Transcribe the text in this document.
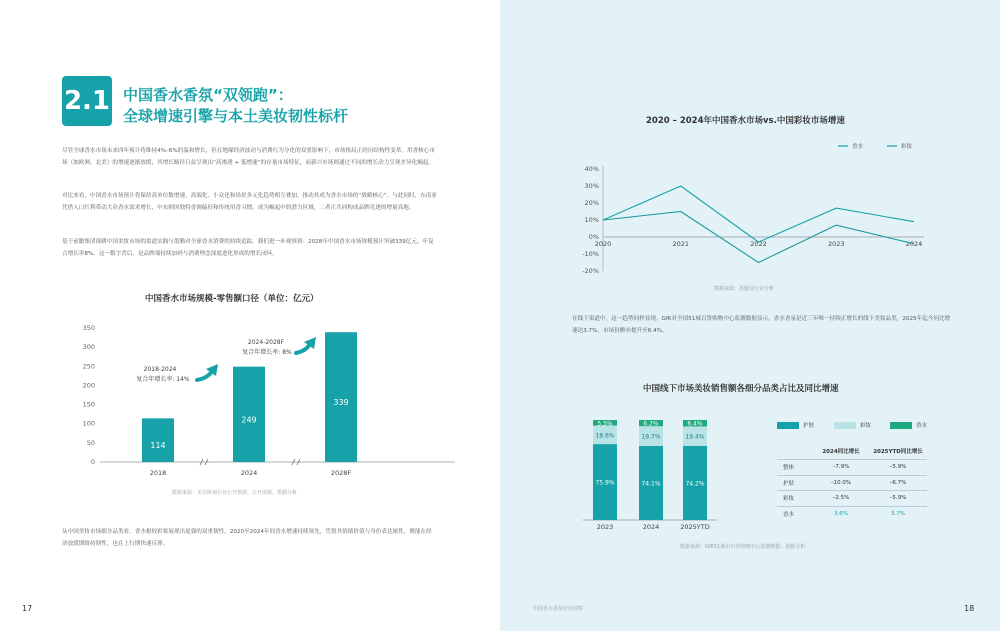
2.1 中国香水香氛“双领跑”：
全球增速引擎与本土美妆韧性标杆
尽管全球香水市场未来四年预计将维持4%–6%的温和增长，但在地缘经济波动与消费行为分化的双重影响下，市场格局正经历结构性变革。用香核心市场（如欧洲、北美）的增速逐渐放缓，其增长路径日益呈现出“高渗透 + 低增速”的存量市场特征，而新兴市场则通过不同的增长动力呈现差异化崛起。
对比来看，中国香水市场预计将保持高单位数增速，高端化、小众化和场景多元化趋势相互叠加，推动其成为香水市场的“战略核心”。与此同时，东南亚凭借人口红利带动大众香水需求增长，中东则因独特香调偏好和传统用香习惯，成为崛起中的潜力区域，二者正共同构成品牌竞逐的增量高地。
基于前瞻集团深耕中国美妆市场的渠道实践与墨勤对全球香水消费的持续追踪，我们进一步观察到：2028年中国香水市场规模预计突破339亿元，年复合增长率8%。这一数字背后，是品牌端持续加码与消费理念深度进化形成的增长闭环。
中国香水市场规模-零售额口径（单位：亿元）
0
50
100
150
200
250
300
350
114
2018
249
2024
339
2028F
2018-2024
复合年增长率: 14%
2024-2028F
复合年增长率: 8%
数据来源：美尔斯询行业公开数据、公开资源、墨勤分析
从中国美妆市场细分品类看，香水相较彩妆展现出更强的双重韧性。2020至2024年间香水增速持续领先，凭借其情绪价值与身份表达属性，既能在经济放缓期维持韧性，也在上行期快速反弹。
17
2020 – 2024年中国香水市场vs.中国彩妆市场增速
40%
30%
20%
10%
0%
-10%
-20%
2020	2021	2022	2023	2024
香水	彩妆
数据来源：墨勤及行业分析
在线下渠道中，这一趋势同样显现。GfK对全国51城百货购物中心监测数据显示，香水香氛是近三年唯一持续正增长的线下美妆品类，2025年迄今同比增速达3.7%，市场份额亦提升至6.4%。
中国线下市场美妆销售额各细分品类占比及同比增速
75.9%
18.6%
5.5%
2023
74.1%
19.7%
6.2%
2024
74.2%
19.4%
6.4%
2025YTD
护肤	彩妆	香水
2024同比增长	2025YTD同比增长
整体	–7.9%	–5.9%
护肤	–10.0%	–6.7%
彩妆	–2.5%	–5.9%
香水	3.6%	3.7%
数据来源：GfK51城市百货购物中心监测数据；墨勤分析
中国香水香氛行业洞察	18
